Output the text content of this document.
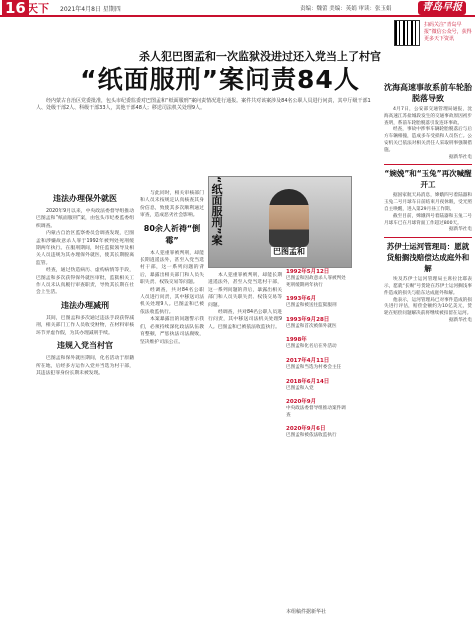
16 天下 2021年4月8日 星期四	责编：魏蕾 美编：英娟 审读：张玉娟	青岛早报
扫码关注“青岛早报”微信公众号，获得更多天下资讯
杀人犯巴图孟和一次监狱没进过还入党当上了村官
“纸面服刑”案问责84人
经内蒙古自治区党委批准，包头市纪委监委对巴图孟和“纸面服刑”案问责情况进行通报。案件共对该案涉及84名公职人员进行问责，其中厅级干部1人、处级干部2人、科级干部33人，其他干部48人；移送司法机关处理9人。
违法办理保外就医

2020年9月以来，中央政法委督导组推动巴图孟和“纸面服刑”案，由包头市纪委监委组织调查。

内蒙古自治区监察委员会调查发现，巴图孟和涉嫌故意杀人罪于1992年被判处死刑缓期两年执行。在服刑期间，时任监狱领导及相关人员违规为其办理保外就医，使其长期脱离监管。

经查，通过伪造病历、虚构病情等手段，巴图孟和多次获得保外就医审批，监狱相关工作人员未认真履行审查职责，导致其长期在社会上生活。

违法办理减刑

其间，巴图孟和多次通过违法手段获得减刑，相关部门工作人员收受财物，在材料审核环节弄虚作假，为其办理减刑手续。

违规入党当村官

巴图孟和保外就医期间，化名活动于原籍所在地，后经多方运作入党并当选为村干部，其违法犯罪身份长期未被发现。

与此同时，相关审核部门和人员未按规定认真核查其身份信息，致使其多次顺利通过审查，造成恶劣社会影响。

80余人祈祷“倒霉”

本人犯重罪被判刑，却能长期逍遥法外，甚至入党当选村干部，这一系列问题的背后，暴露出相关部门和人员失职失责、权钱交易等问题。

经调查，共对84名公职人员进行问责，其中移送司法机关处理9人。巴图孟和已被依法收监执行。

本案暴露出的问题警示我们，必须持续深化政法队伍教育整顿，严惩执法司法腐败，坚决维护司法公正。

巴图孟和
“纸面服刑”案

本人犯重罪被判刑，却能长期逍遥法外，甚至入党当选村干部，这一系列问题的背后，暴露出相关部门和人员失职失责、权钱交易等问题。

经调查，共对84名公职人员进行问责，其中移送司法机关处理9人。巴图孟和已被依法收监执行。

1992年5月12日
巴图孟和因故意杀人罪被判处死刑缓期两年执行
1993年6月
巴图孟和被送往监狱服刑
1993年9月28日
巴图孟和首次被保外就医
1998年
巴图孟和化名后在外活动
2017年4月11日
巴图孟和当选为村委会主任
2018年6月14日
巴图孟和入党
2020年9月
中央政法委督导组推动案件调查
2020年9月6日
巴图孟和被依法收监执行
沈海高速事故系前车轮胎脱落导致

4月7日，公安部交通管理局通报，沈海高速江苏盐城段发生的交通事故原因初步查明，系前车轮胎脱落引发连环事故。

经查，事故中涉事车辆轮胎脱落后与后方车辆相撞，造成多车受损和人员伤亡。公安机关已依法对相关责任人采取刑事强制措施。

据新华社电
“婉娩”和“玉兔”再次喊醒开工

据国家航天局消息，嫦娥四号着陆器和玉兔二号月球车日前结束月夜休眠，受光照自主唤醒，进入第29月昼工作期。

截至目前，嫦娥四号着陆器和玉兔二号月球车已在月球背面工作超过800天。

据新华社电
苏伊士运河管理局：愿就货船搁浅赔偿达成庭外和解

埃及苏伊士运河管理局主席拉比耶表示，愿就“长赐”号货轮在苏伊士运河搁浅事件造成的损失与船东达成庭外和解。

他表示，运河管理局已对事件造成的损失进行评估，赔偿金额约为10亿美元，货轮在赔偿问题解决前将继续被扣留在运河。

据新华社电
本组稿件据新华社
